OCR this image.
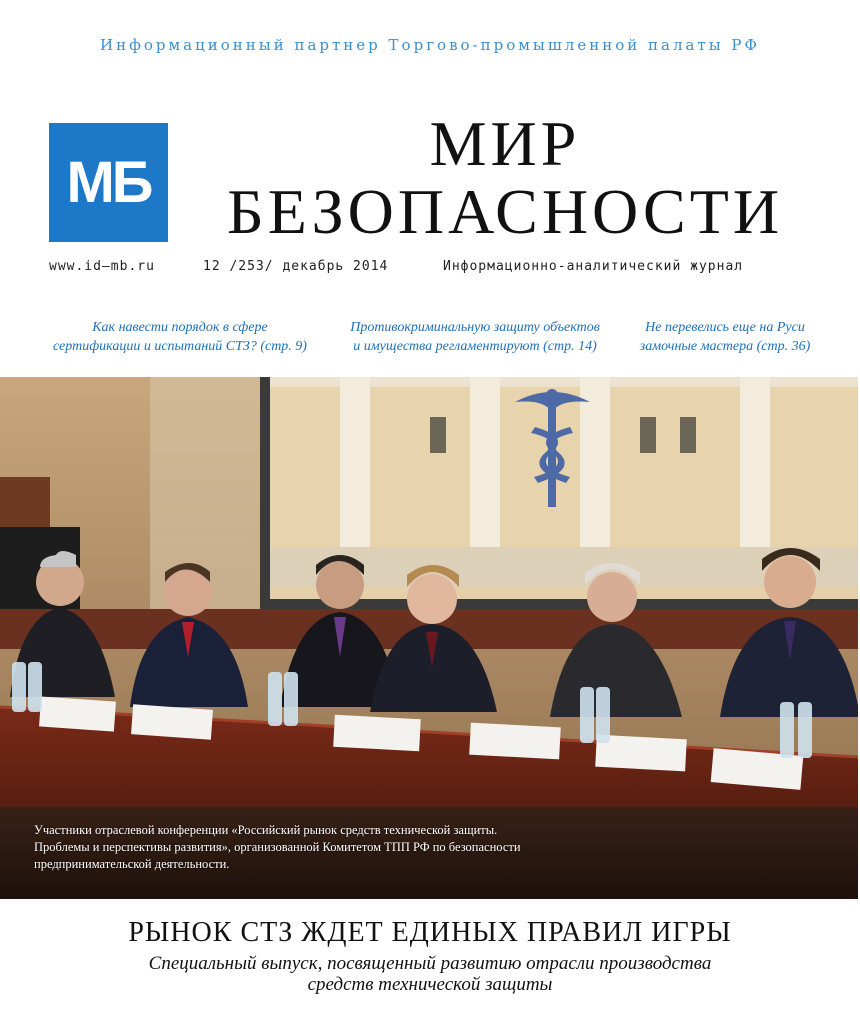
Информационный партнер Торгово-промышленной палаты РФ
МБ
МИР
БЕЗОПАСНОСТИ
www.id–mb.ru	12 /253/ декабрь 2014	Информационно-аналитический журнал
Как навести порядок в сфере
сертификации и испытаний СТЗ? (стр. 9)
Противокриминальную защиту объектов
и имущества регламентируют (стр. 14)
Не перевелись еще на Руси
замочные мастера (стр. 36)
Участники отраслевой конференции «Российский рынок средств технической защиты.
Проблемы и перспективы развития», организованной Комитетом ТПП РФ по безопасности
предпринимательской деятельности.
РЫНОК СТЗ ЖДЕТ ЕДИНЫХ ПРАВИЛ ИГРЫ
Специальный выпуск, посвященный развитию отрасли производства
средств технической защиты
